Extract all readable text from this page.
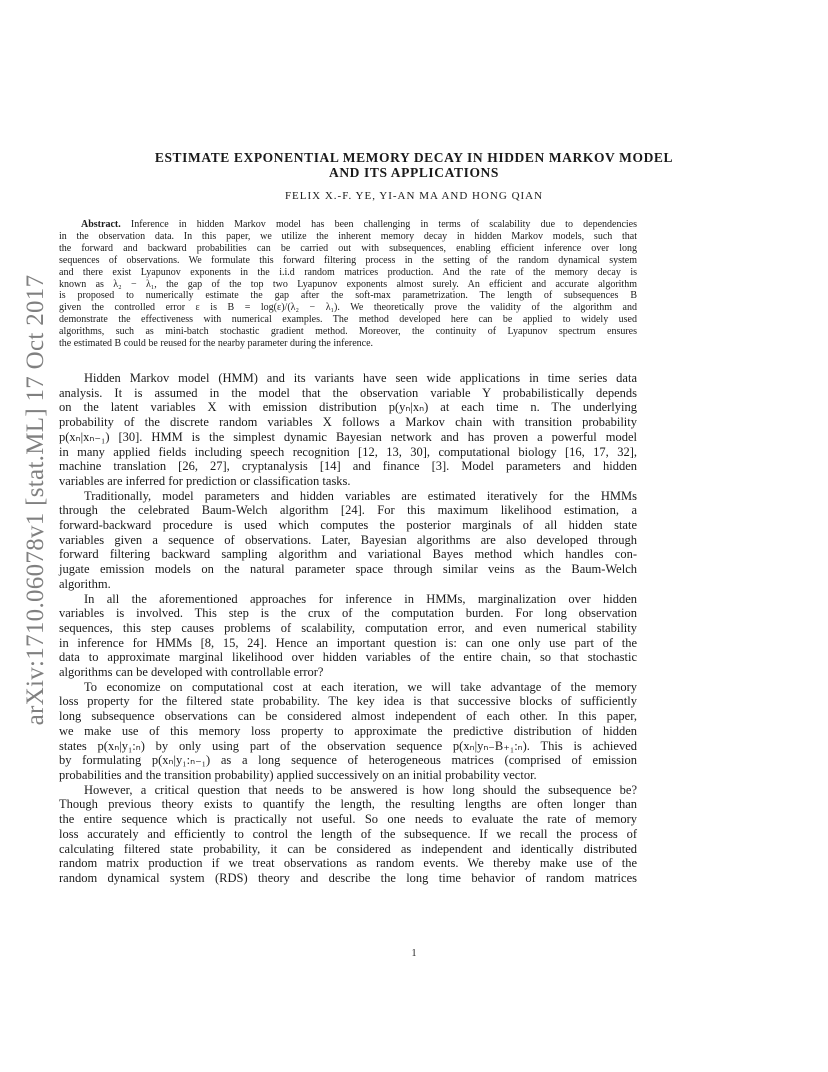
arXiv:1710.06078v1 [stat.ML] 17 Oct 2017
ESTIMATE EXPONENTIAL MEMORY DECAY IN HIDDEN MARKOV MODEL
AND ITS APPLICATIONS
FELIX X.-F. YE, YI-AN MA AND HONG QIAN
Abstract. Inference in hidden Markov model has been challenging in terms of scalability due to dependencies
in the observation data. In this paper, we utilize the inherent memory decay in hidden Markov models, such that
the forward and backward probabilities can be carried out with subsequences, enabling efficient inference over long
sequences of observations. We formulate this forward filtering process in the setting of the random dynamical system
and there exist Lyapunov exponents in the i.i.d random matrices production. And the rate of the memory decay is
known as λ₂ − λ₁, the gap of the top two Lyapunov exponents almost surely. An efficient and accurate algorithm
is proposed to numerically estimate the gap after the soft-max parametrization. The length of subsequences B
given the controlled error ε is B = log(ε)/(λ₂ − λ₁). We theoretically prove the validity of the algorithm and
demonstrate the effectiveness with numerical examples. The method developed here can be applied to widely used
algorithms, such as mini-batch stochastic gradient method. Moreover, the continuity of Lyapunov spectrum ensures
the estimated B could be reused for the nearby parameter during the inference.
Hidden Markov model (HMM) and its variants have seen wide applications in time series data
analysis. It is assumed in the model that the observation variable Y probabilistically depends
on the latent variables X with emission distribution p(yₙ|xₙ) at each time n. The underlying
probability of the discrete random variables X follows a Markov chain with transition probability
p(xₙ|xₙ₋₁) [30]. HMM is the simplest dynamic Bayesian network and has proven a powerful model
in many applied fields including speech recognition [12, 13, 30], computational biology [16, 17, 32],
machine translation [26, 27], cryptanalysis [14] and finance [3]. Model parameters and hidden
variables are inferred for prediction or classification tasks.
Traditionally, model parameters and hidden variables are estimated iteratively for the HMMs
through the celebrated Baum-Welch algorithm [24]. For this maximum likelihood estimation, a
forward-backward procedure is used which computes the posterior marginals of all hidden state
variables given a sequence of observations. Later, Bayesian algorithms are also developed through
forward filtering backward sampling algorithm and variational Bayes method which handles con-
jugate emission models on the natural parameter space through similar veins as the Baum-Welch
algorithm.
In all the aforementioned approaches for inference in HMMs, marginalization over hidden
variables is involved. This step is the crux of the computation burden. For long observation
sequences, this step causes problems of scalability, computation error, and even numerical stability
in inference for HMMs [8, 15, 24]. Hence an important question is: can one only use part of the
data to approximate marginal likelihood over hidden variables of the entire chain, so that stochastic
algorithms can be developed with controllable error?
To economize on computational cost at each iteration, we will take advantage of the memory
loss property for the filtered state probability. The key idea is that successive blocks of sufficiently
long subsequence observations can be considered almost independent of each other. In this paper,
we make use of this memory loss property to approximate the predictive distribution of hidden
states p(xₙ|y₁:ₙ) by only using part of the observation sequence p(xₙ|yₙ₋B₊₁:ₙ). This is achieved
by formulating p(xₙ|y₁:ₙ₋₁) as a long sequence of heterogeneous matrices (comprised of emission
probabilities and the transition probability) applied successively on an initial probability vector.
However, a critical question that needs to be answered is how long should the subsequence be?
Though previous theory exists to quantify the length, the resulting lengths are often longer than
the entire sequence which is practically not useful. So one needs to evaluate the rate of memory
loss accurately and efficiently to control the length of the subsequence. If we recall the process of
calculating filtered state probability, it can be considered as independent and identically distributed
random matrix production if we treat observations as random events. We thereby make use of the
random dynamical system (RDS) theory and describe the long time behavior of random matrices
1
